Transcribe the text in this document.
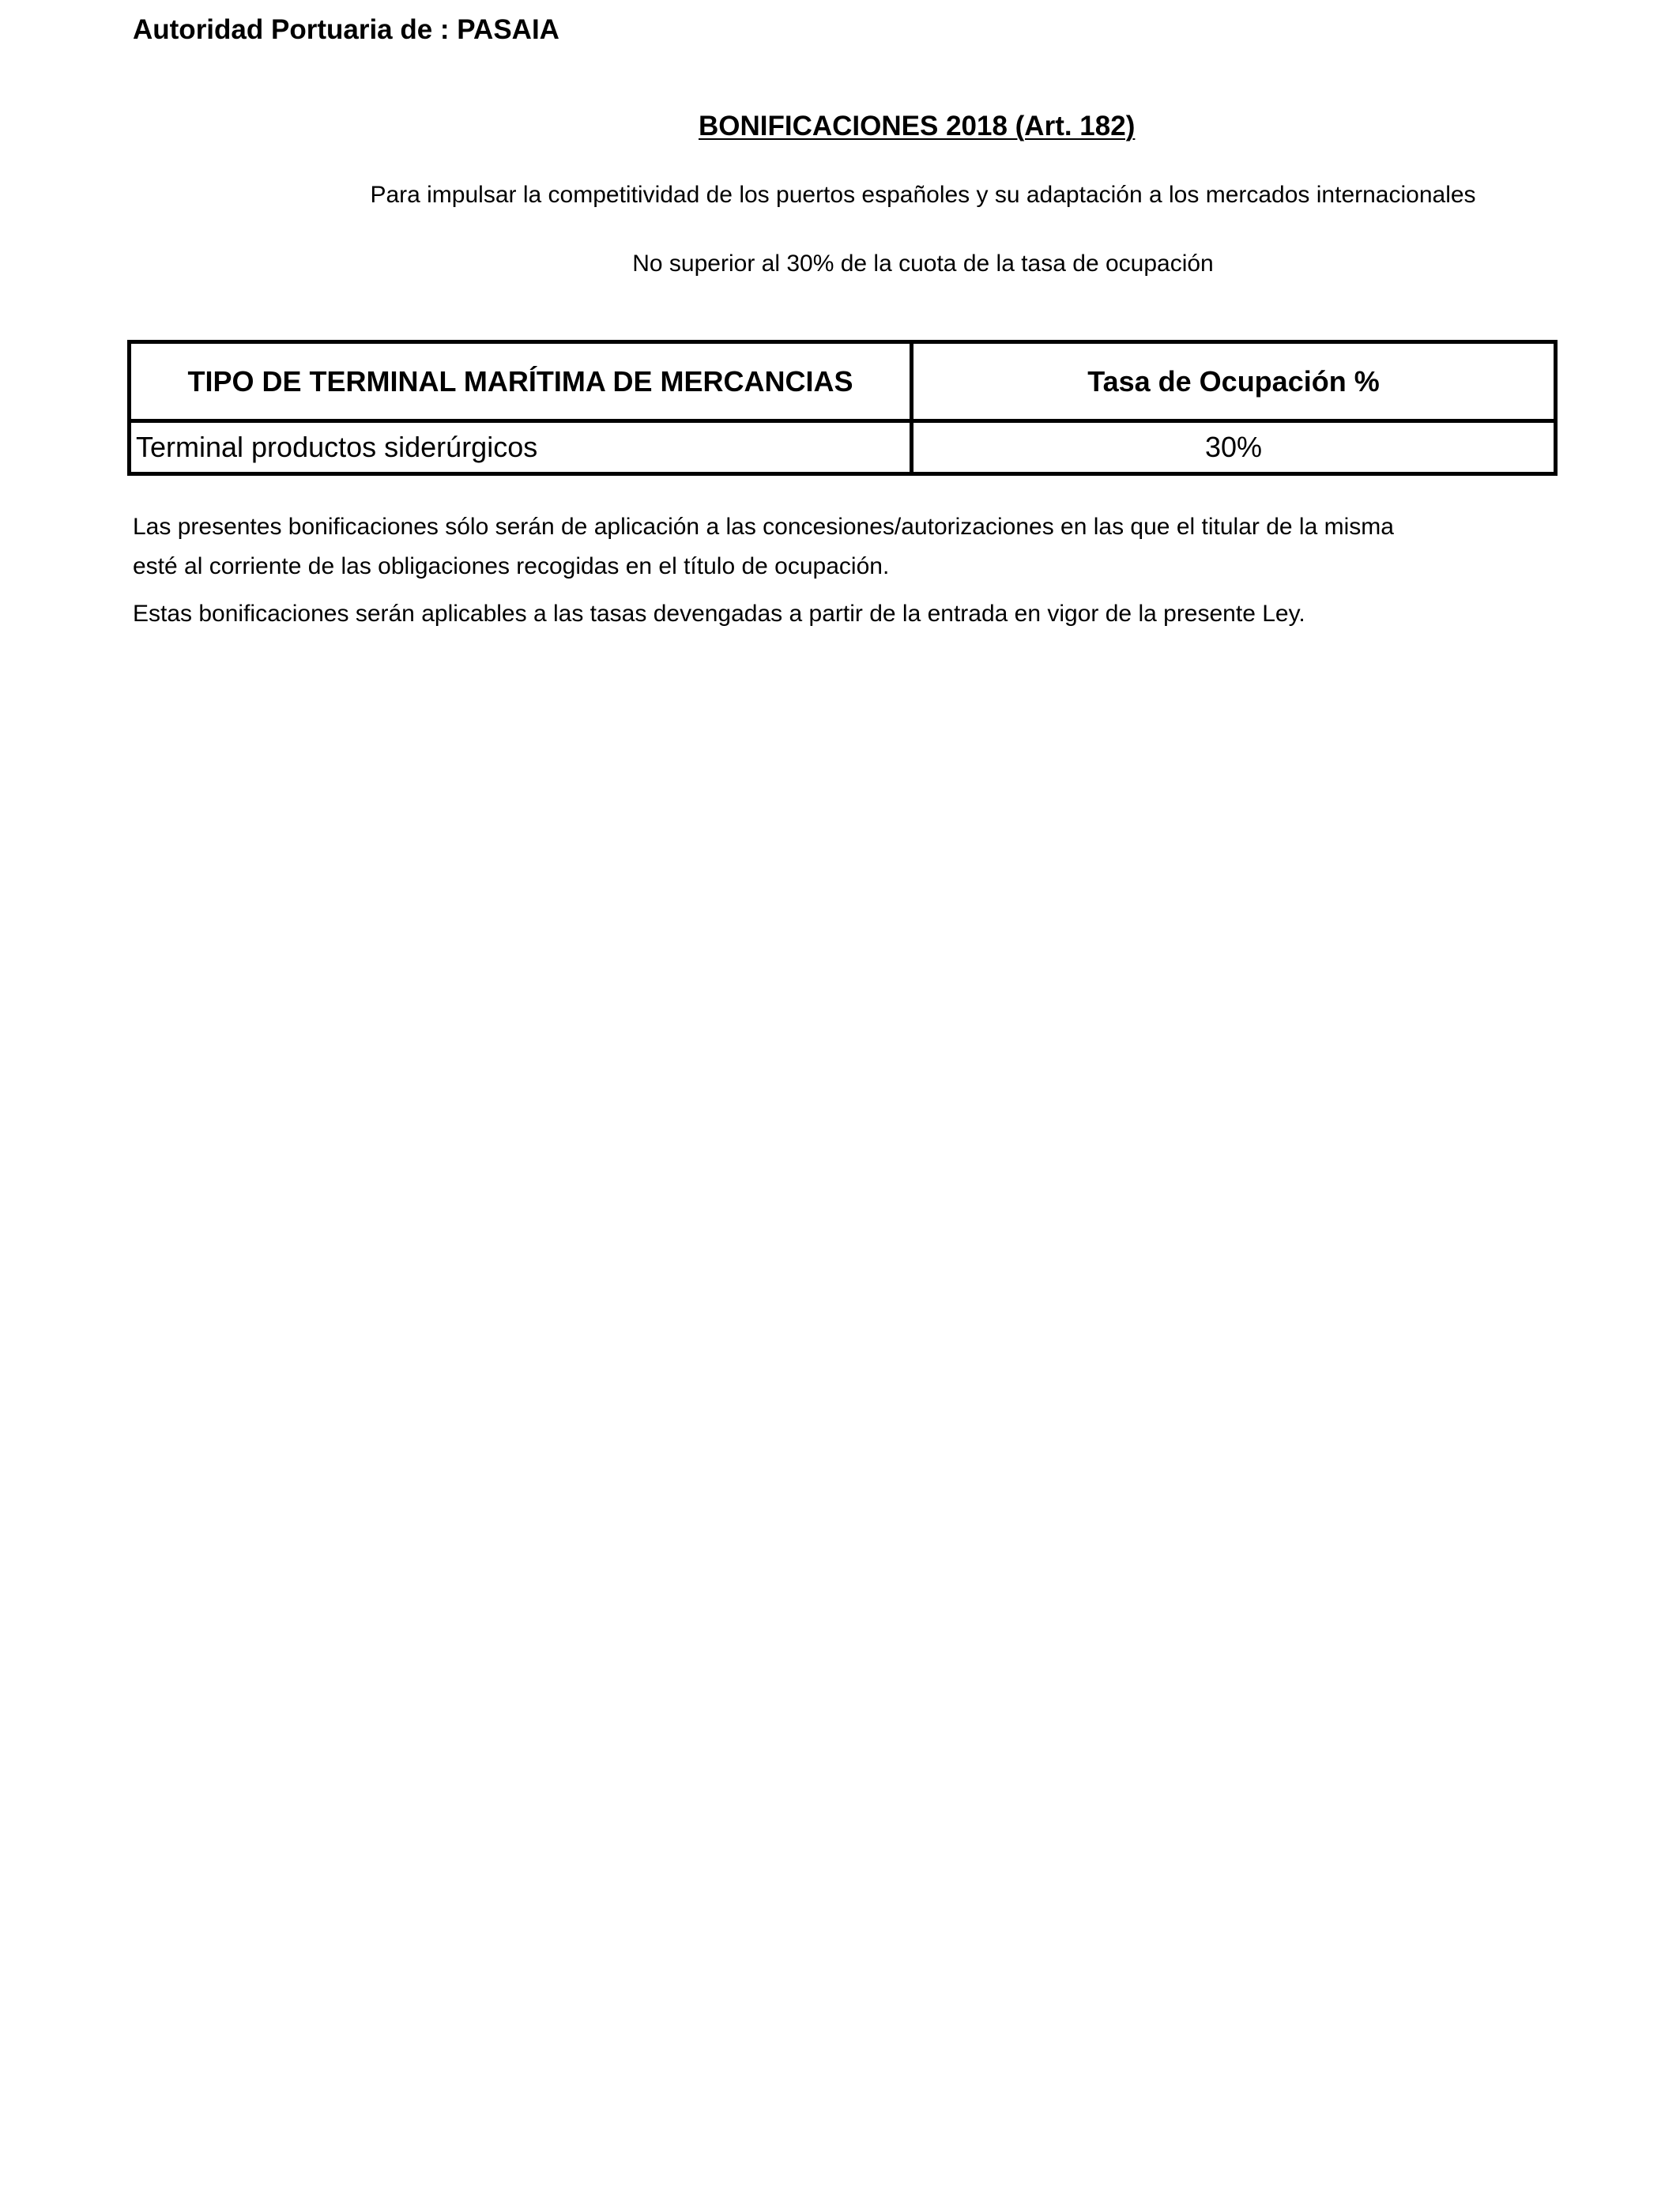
Autoridad Portuaria de : PASAIA
BONIFICACIONES 2018 (Art. 182)
Para impulsar la competitividad de los puertos españoles y su adaptación a los mercados internacionales
No superior al 30% de la cuota de la tasa de ocupación
TIPO DE TERMINAL MARÍTIMA DE MERCANCIAS	Tasa de Ocupación %
Terminal productos siderúrgicos	30%
Las presentes bonificaciones sólo serán de aplicación a las concesiones/autorizaciones en las que el titular de la misma
esté al corriente de las obligaciones recogidas en el título de ocupación.
Estas bonificaciones serán aplicables a las tasas devengadas a partir de la entrada en vigor de la presente Ley.
